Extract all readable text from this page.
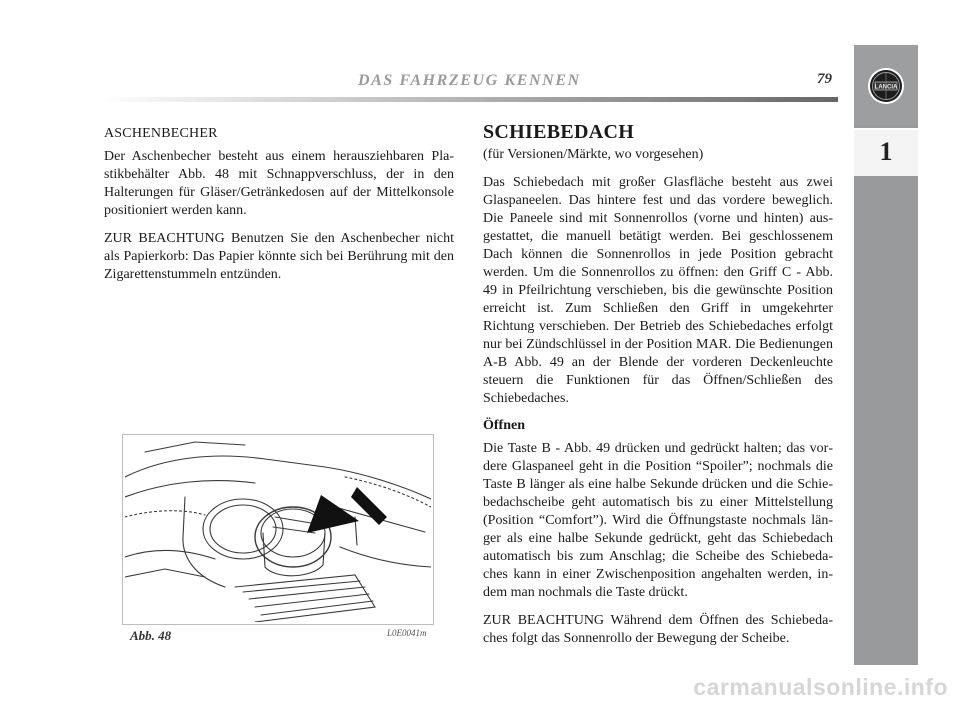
DAS FAHRZEUG KENNEN	79
LANCIA
1
ASCHENBECHER

Der Aschenbecher besteht aus einem herausziehbaren Plastikbehälter Abb. 48 mit Schnappverschluss, der in den Halterungen für Gläser/Getränkedosen auf der Mittelkonsole positioniert werden kann.

ZUR BEACHTUNG Benutzen Sie den Aschenbecher nicht als Papierkorb: Das Papier könnte sich bei Berührung mit den Zigarettenstummeln entzünden.

Abb. 48	L0E0041m
SCHIEBEDACH
(für Versionen/Märkte, wo vorgesehen)

Das Schiebedach mit großer Glasfläche besteht aus zwei Glaspaneelen. Das hintere fest und das vordere beweglich. Die Paneele sind mit Sonnenrollos (vorne und hinten) ausgestattet, die manuell betätigt werden. Bei geschlossenem Dach können die Sonnenrollos in jede Position gebracht werden. Um die Sonnenrollos zu öffnen: den Griff C - Abb. 49 in Pfeilrichtung verschieben, bis die gewünschte Position erreicht ist. Zum Schließen den Griff in umgekehrter Richtung verschieben. Der Betrieb des Schiebedaches erfolgt nur bei Zündschlüssel in der Position MAR. Die Bedienungen A-B Abb. 49 an der Blende der vorderen Deckenleuchte steuern die Funktionen für das Öffnen/Schließen des Schiebedaches.

Öffnen

Die Taste B - Abb. 49 drücken und gedrückt halten; das vordere Glaspaneel geht in die Position “Spoiler”; nochmals die Taste B länger als eine halbe Sekunde drücken und die Schiebedachscheibe geht automatisch bis zu einer Mittelstellung (Position “Comfort”). Wird die Öffnungstaste nochmals länger als eine halbe Sekunde gedrückt, geht das Schiebedach automatisch bis zum Anschlag; die Scheibe des Schiebedaches kann in einer Zwischenposition angehalten werden, indem man nochmals die Taste drückt.

ZUR BEACHTUNG Während dem Öffnen des Schiebedaches folgt das Sonnenrollo der Bewegung der Scheibe.

carmanualsonline.info
